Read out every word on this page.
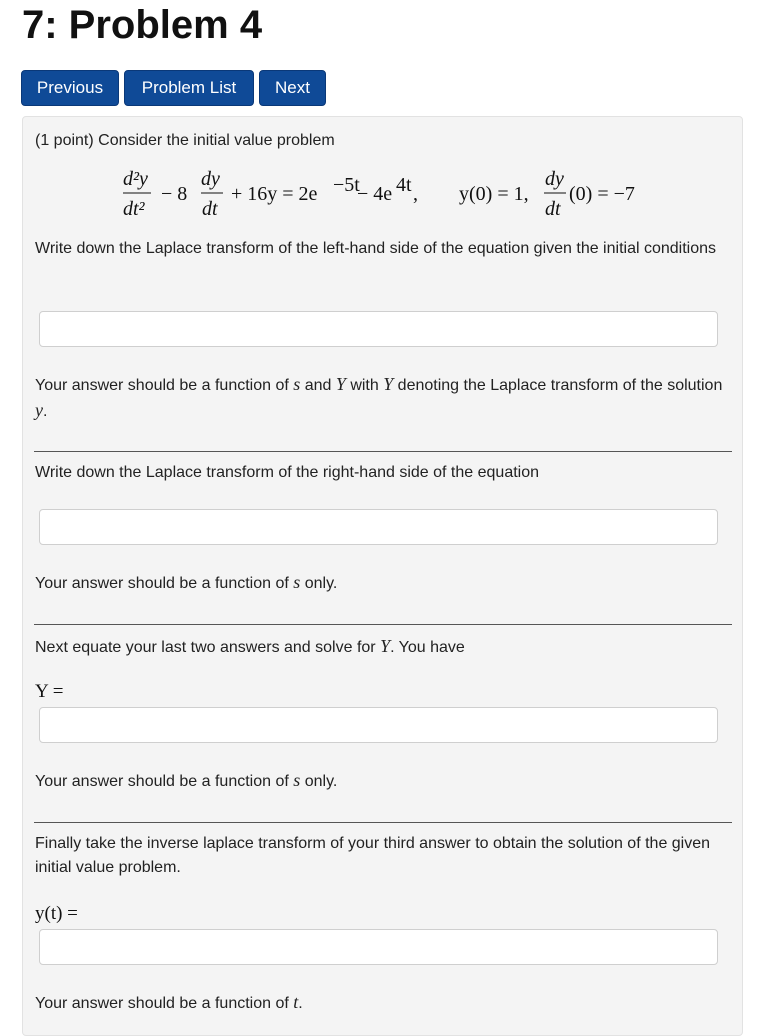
7: Problem 4
Previous	Problem List	Next

(1 point) Consider the initial value problem

d²y
dt²
− 8
dy
dt
+ 16y = 2e −5t
− 4e 4t , y(0) = 1,
dy
dt
(0) = −7

Write down the Laplace transform of the left-hand side of the equation given the initial conditions

Your answer should be a function of s and Y with Y denoting the Laplace transform of the solution y.

Write down the Laplace transform of the right-hand side of the equation

Your answer should be a function of s only.

Next equate your last two answers and solve for Y. You have

Y =

Your answer should be a function of s only.

Finally take the inverse laplace transform of your third answer to obtain the solution of the given initial value problem.

y(t) =

Your answer should be a function of t.
